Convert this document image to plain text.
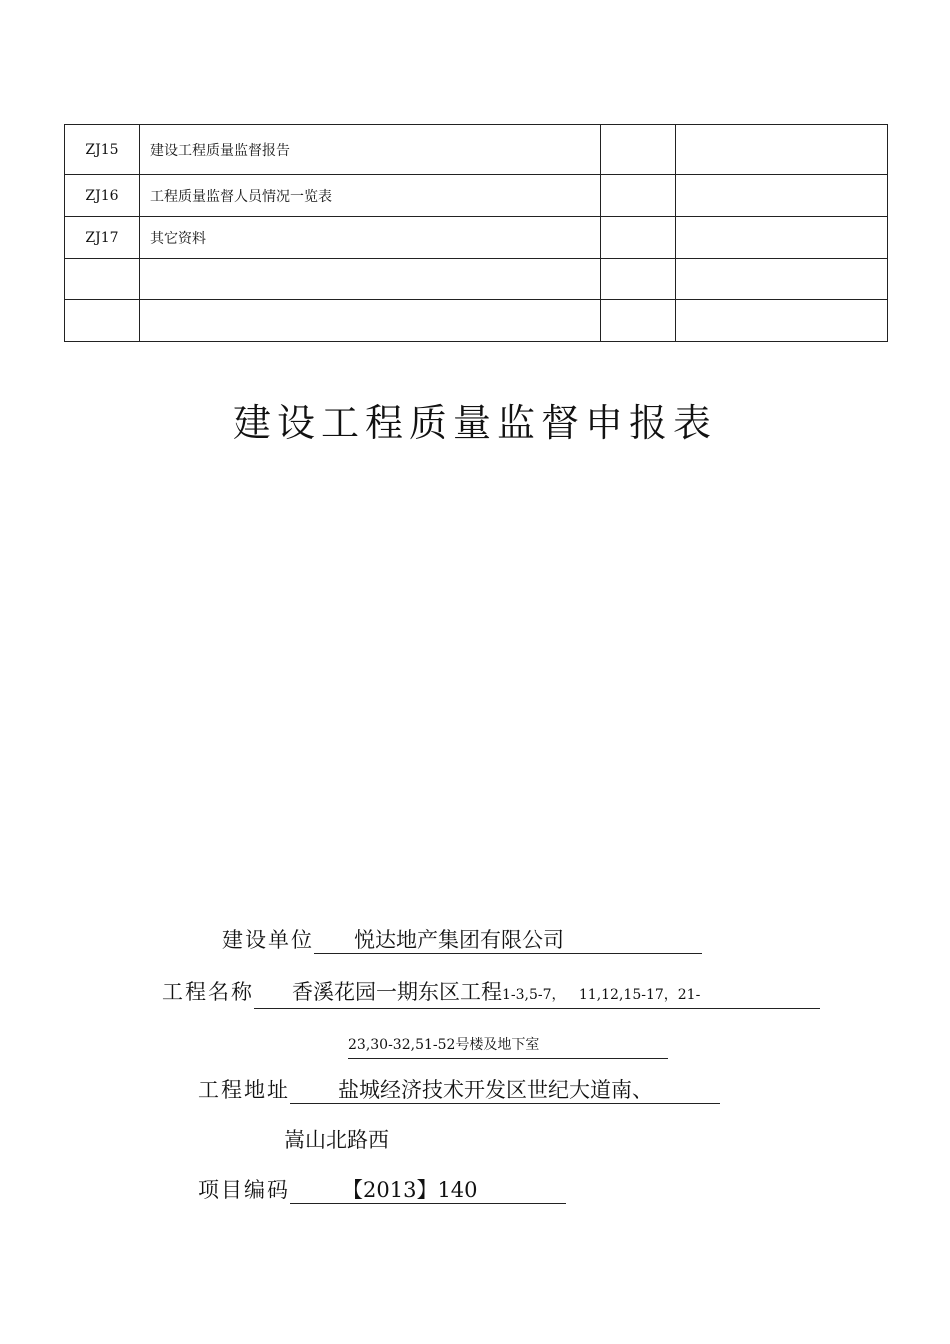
ZJ15	建设工程质量监督报告		
ZJ16	工程质量监督人员情况一览表		
ZJ17	其它资料		

建设工程质量监督申报表
建设单位 悦达地产集团有限公司
工程名称 香溪花园一期东区工程1-3,5-7，   11,12,15-17，21-
23,30-32,51-52号楼及地下室
工程地址 盐城经济技术开发区世纪大道南、
嵩山北路西
项目编码 【2013】140
